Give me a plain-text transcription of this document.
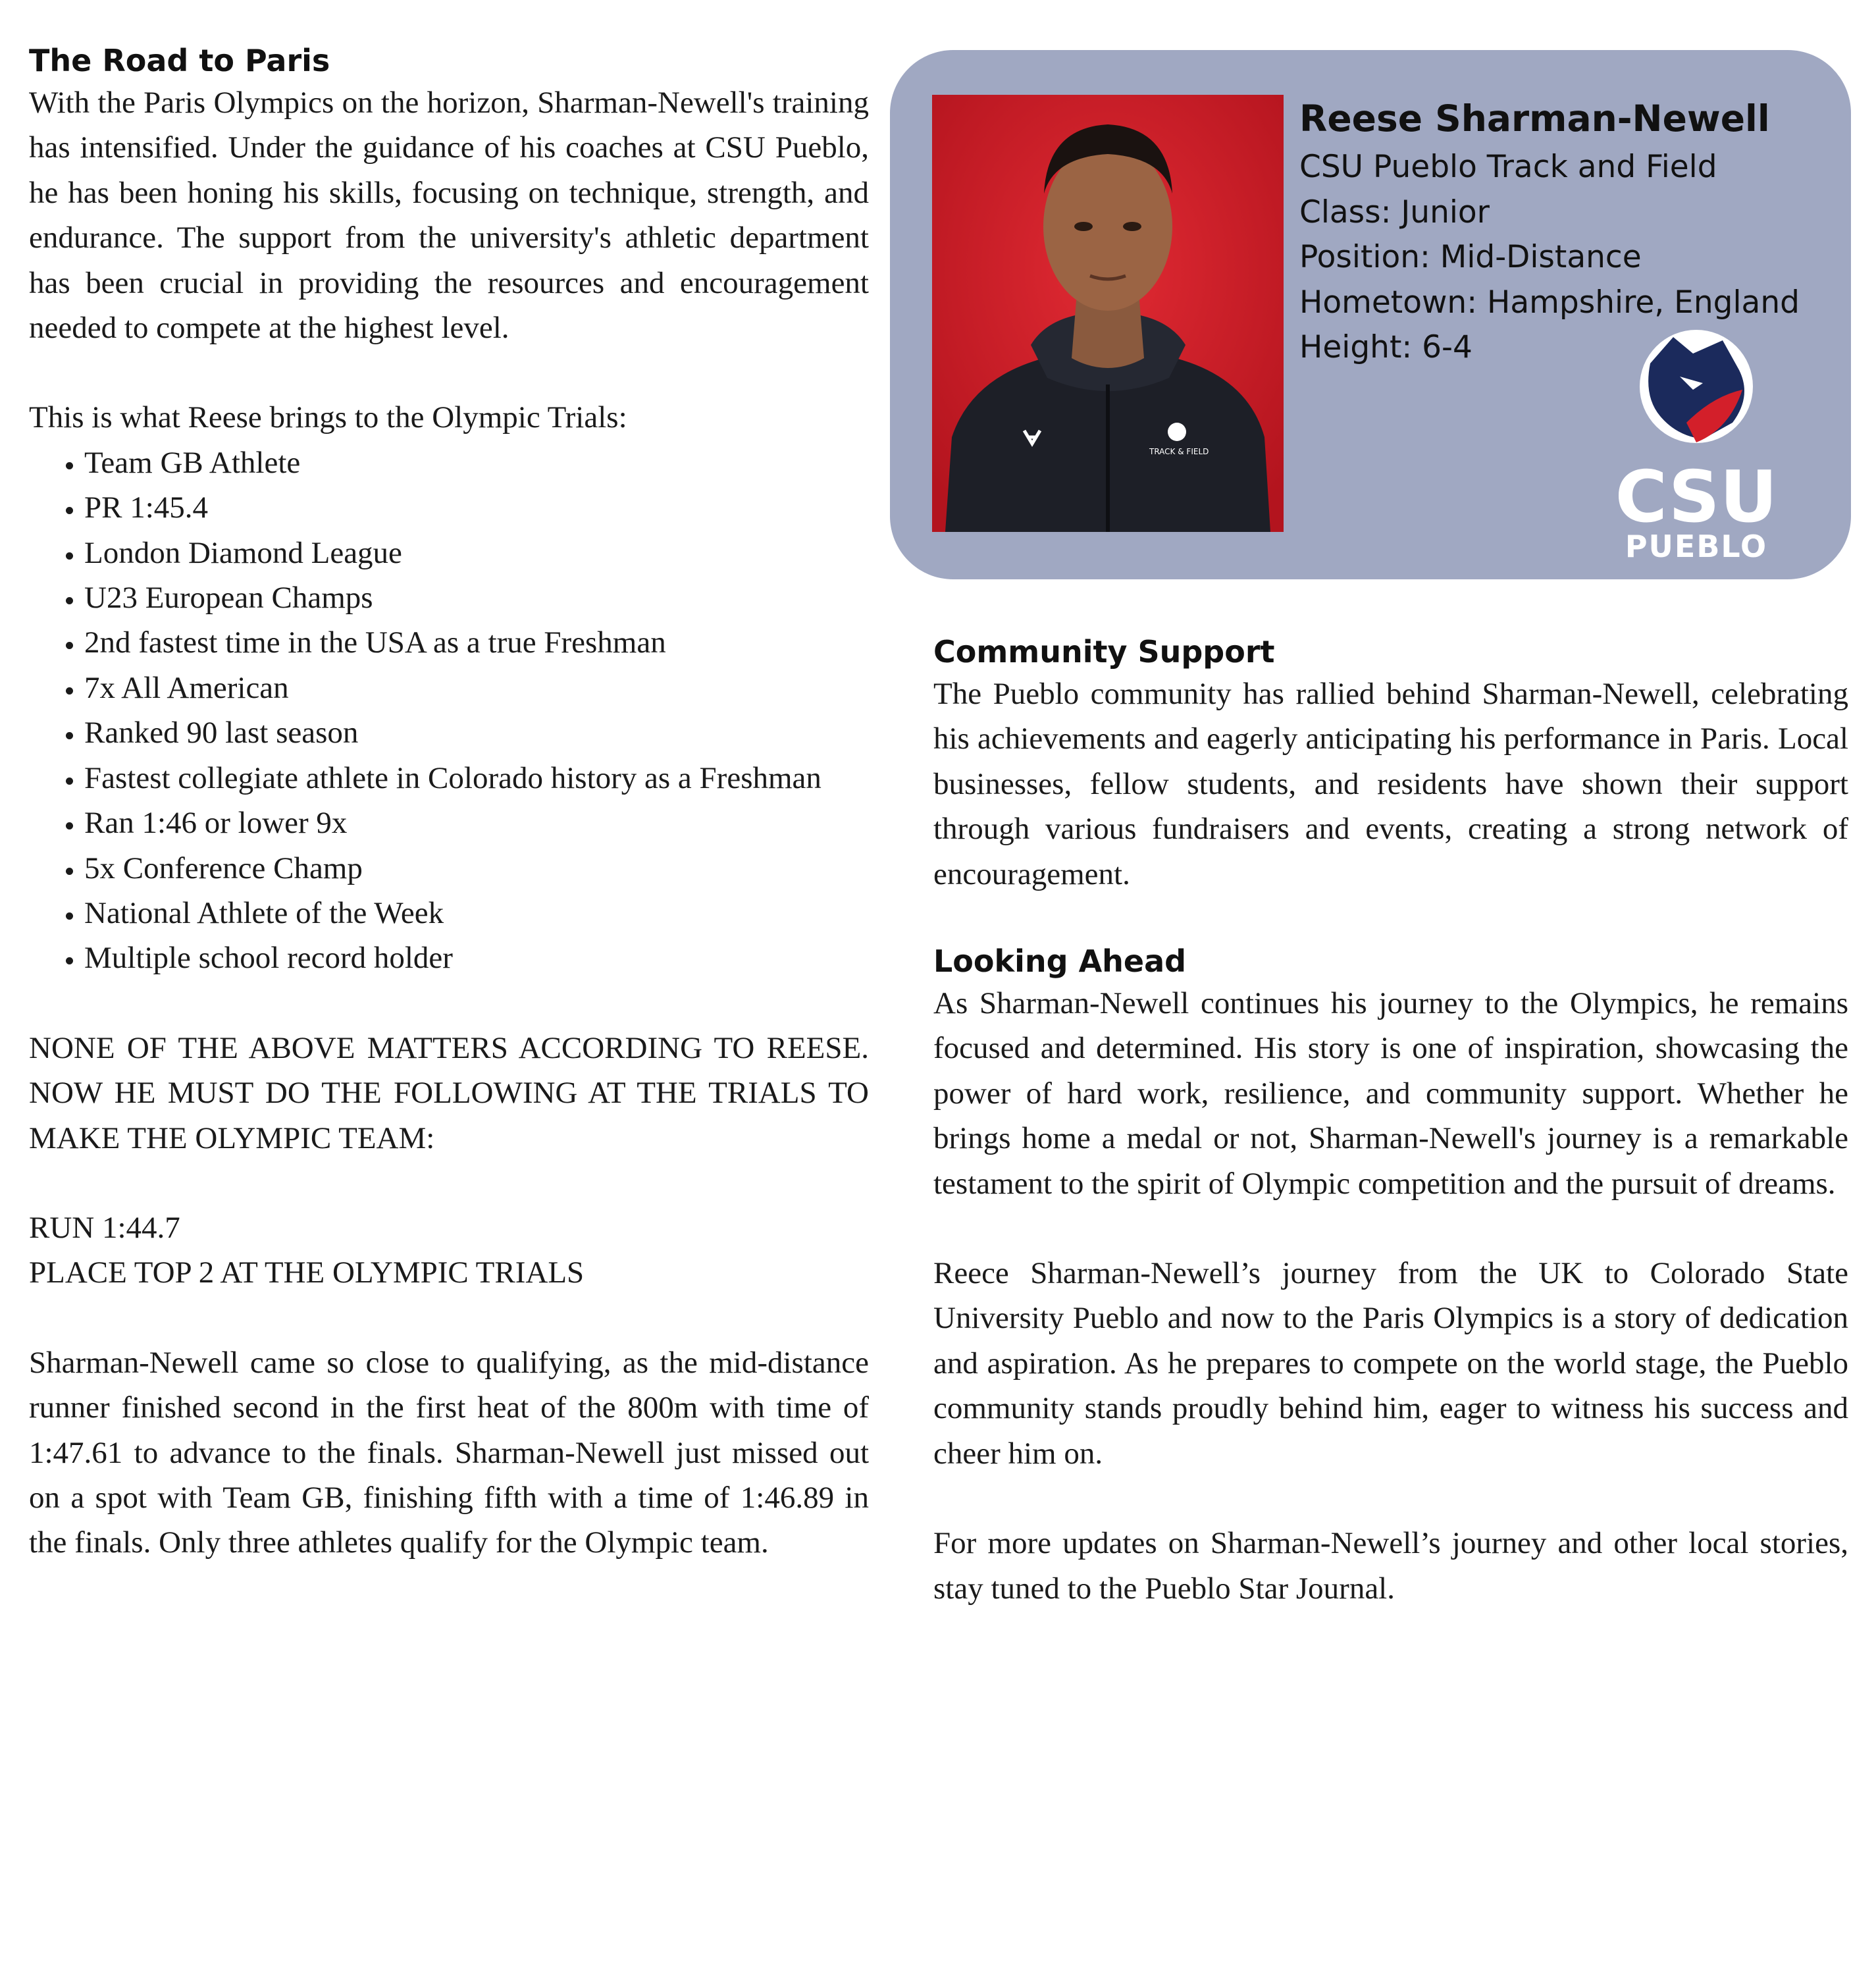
The Road to Paris

With the Paris Olympics on the horizon, Sharman-Newell's training has intensified. Under the guidance of his coaches at CSU Pueblo, he has been honing his skills, focusing on technique, strength, and endurance. The support from the university's athletic department has been crucial in providing the resources and encouragement needed to compete at the highest level.

This is what Reese brings to the Olympic Trials:

• Team GB Athlete
• PR 1:45.4
• London Diamond League
• U23 European Champs
• 2nd fastest time in the USA as a true Freshman
• 7x All American
• Ranked 90 last season
• Fastest collegiate athlete in Colorado history as a Freshman
• Ran 1:46 or lower 9x
• 5x Conference Champ
• National Athlete of the Week
• Multiple school record holder

NONE OF THE ABOVE MATTERS ACCORDING TO REESE. NOW HE MUST DO THE FOLLOWING AT THE TRIALS TO MAKE THE OLYMPIC TEAM:

RUN 1:44.7

PLACE TOP 2 AT THE OLYMPIC TRIALS

Sharman-Newell came so close to qualifying, as the mid-distance runner finished second in the first heat of the 800m with time of 1:47.61 to advance to the finals. Sharman-Newell just missed out on a spot with Team GB, finishing fifth with a time of 1:46.89 in the finals. Only three athletes qualify for the Olympic team.

TRACK & FIELD
Reese Sharman-Newell
CSU Pueblo Track and Field
Class: Junior
Position: Mid-Distance
Hometown: Hampshire, England
Height: 6-4
CSU
PUEBLO
Community Support

The Pueblo community has rallied behind Sharman-Newell, celebrating his achievements and eagerly anticipating his performance in Paris. Local businesses, fellow students, and residents have shown their support through various fundraisers and events, creating a strong network of encouragement.

Looking Ahead

As Sharman-Newell continues his journey to the Olympics, he remains focused and determined. His story is one of inspiration, showcasing the power of hard work, resilience, and community support. Whether he brings home a medal or not, Sharman-Newell's journey is a remarkable testament to the spirit of Olympic competition and the pursuit of dreams.

Reece Sharman-Newell’s journey from the UK to Colorado State University Pueblo and now to the Paris Olympics is a story of dedication and aspiration. As he prepares to compete on the world stage, the Pueblo community stands proudly behind him, eager to witness his success and cheer him on.

For more updates on Sharman-Newell’s journey and other local stories, stay tuned to the Pueblo Star Journal.
